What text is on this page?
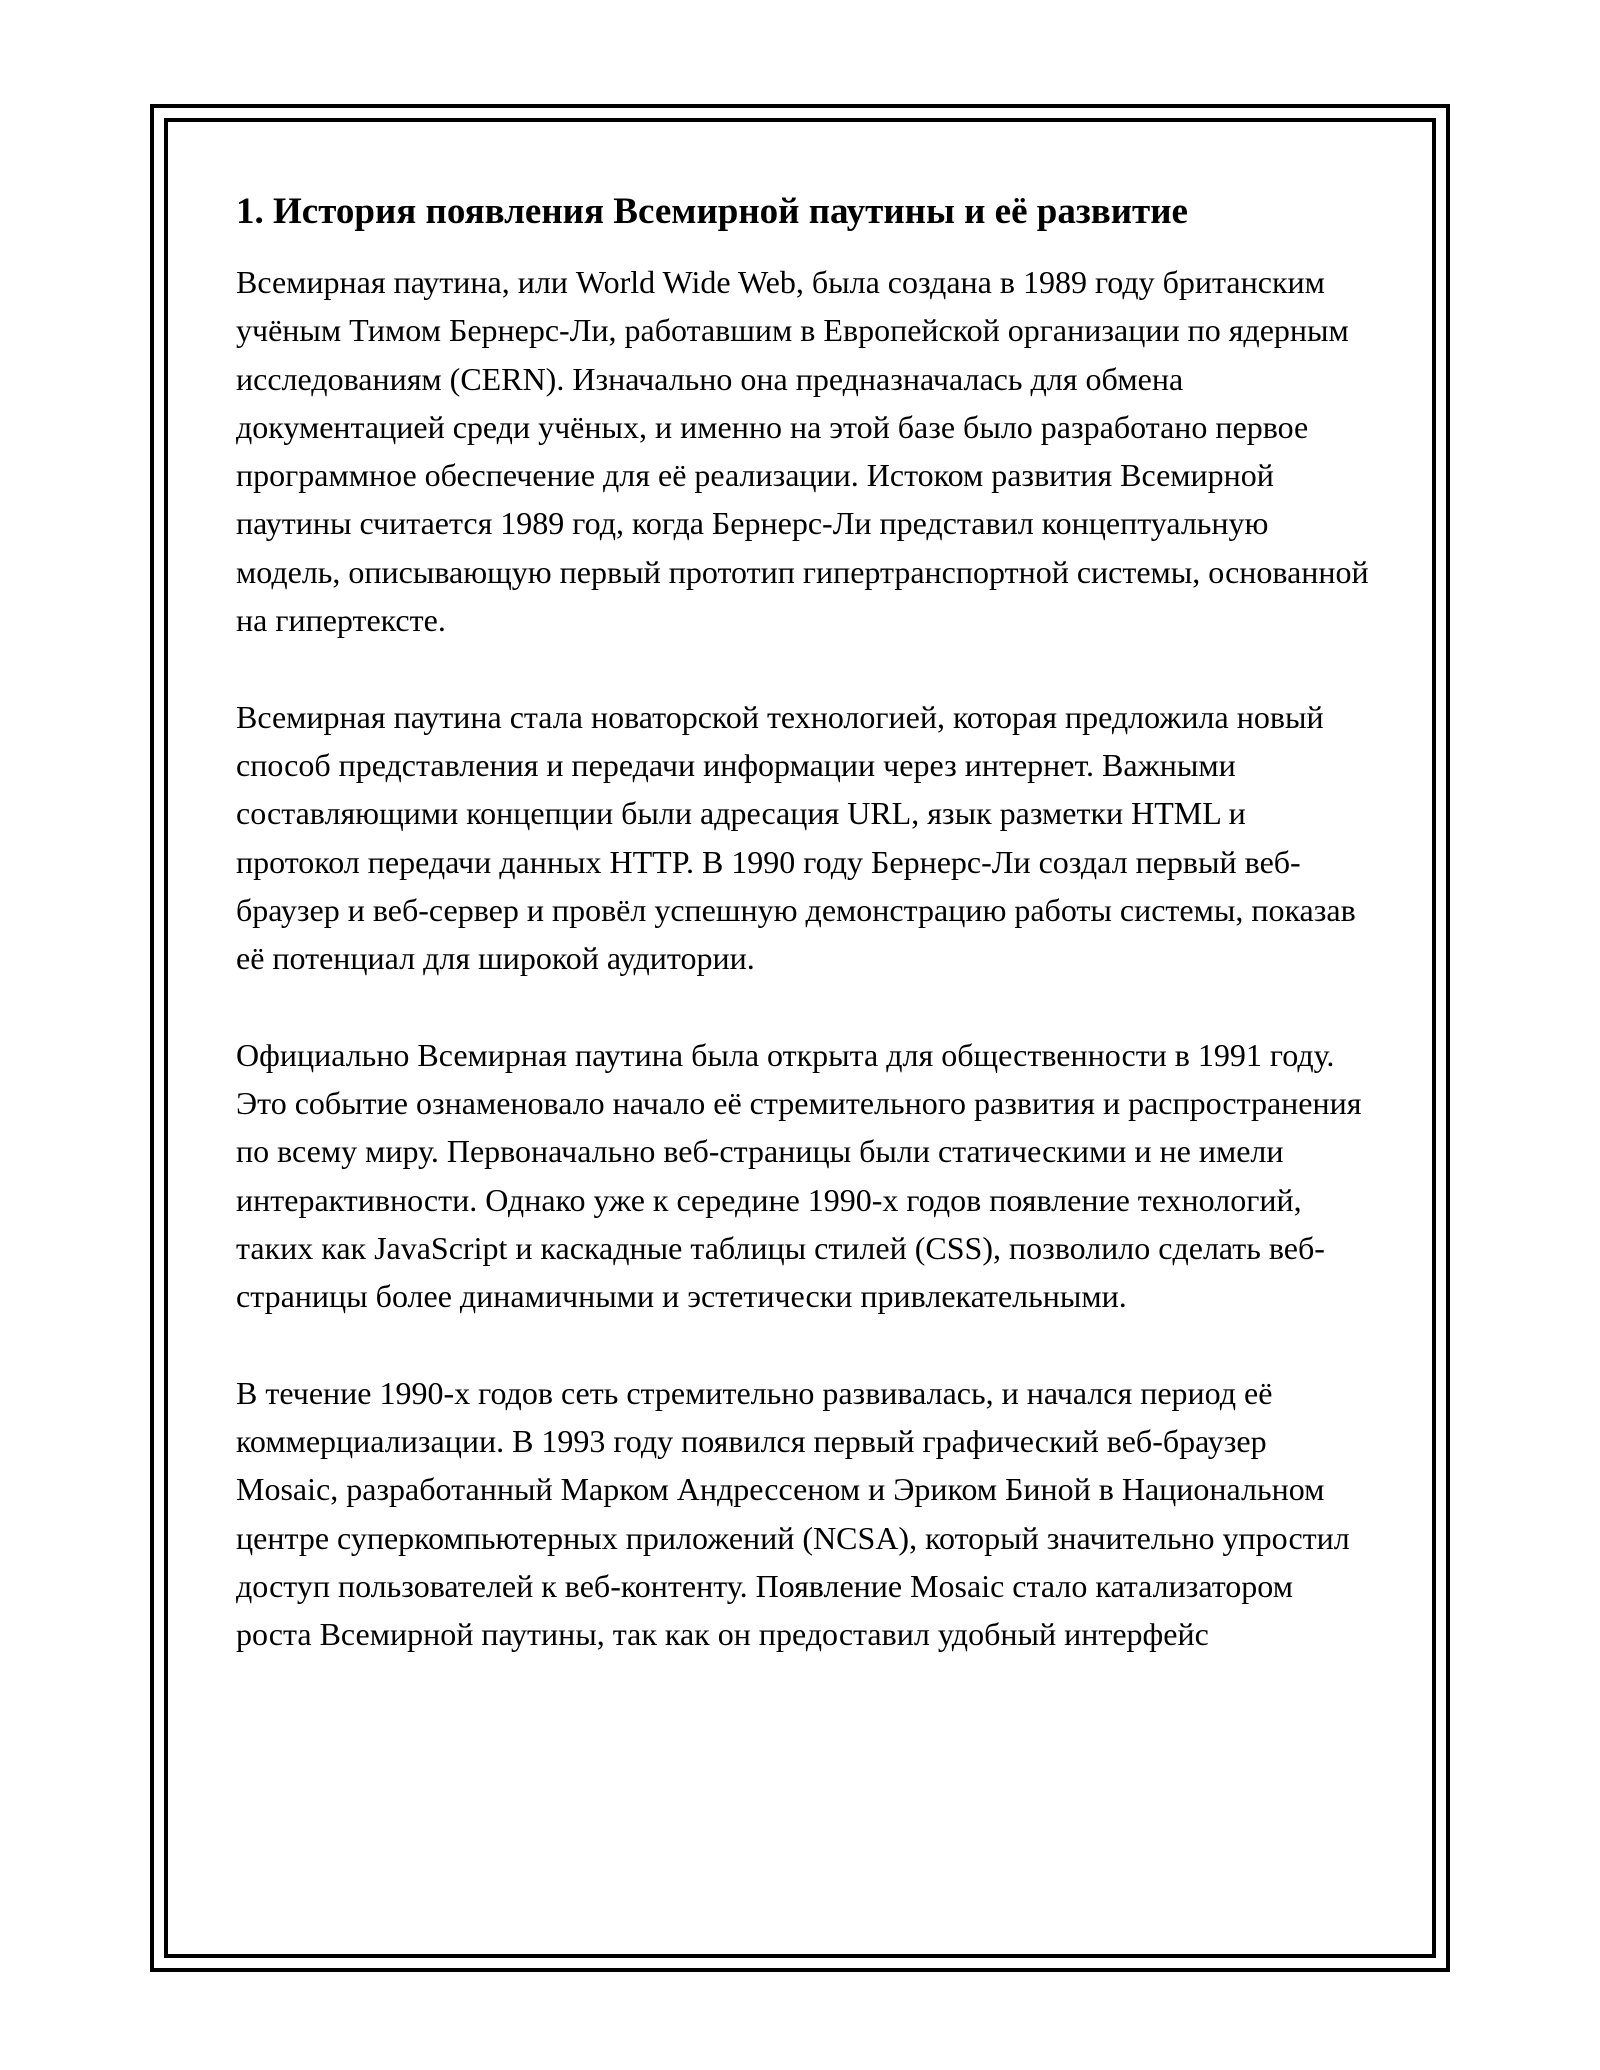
1. История появления Всемирной паутины и её развитие

Всемирная паутина, или World Wide Web, была создана в 1989 году британским учёным Тимом Бернерс-Ли, работавшим в Европейской организации по ядерным исследованиям (CERN). Изначально она предназначалась для обмена документацией среди учёных, и именно на этой базе было разработано первое программное обеспечение для её реализации. Истоком развития Всемирной паутины считается 1989 год, когда Бернерс-Ли представил концептуальную модель, описывающую первый прототип гипертранспортной системы, основанной на гипертексте.

Всемирная паутина стала новаторской технологией, которая предложила новый способ представления и передачи информации через интернет. Важными составляющими концепции были адресация URL, язык разметки HTML и протокол передачи данных HTTP. В 1990 году Бернерс-Ли создал первый веб-браузер и веб-сервер и провёл успешную демонстрацию работы системы, показав её потенциал для широкой аудитории.

Официально Всемирная паутина была открыта для общественности в 1991 году. Это событие ознаменовало начало её стремительного развития и распространения по всему миру. Первоначально веб-страницы были статическими и не имели интерактивности. Однако уже к середине 1990-х годов появление технологий, таких как JavaScript и каскадные таблицы стилей (CSS), позволило сделать веб-страницы более динамичными и эстетически привлекательными.

В течение 1990-х годов сеть стремительно развивалась, и начался период её коммерциализации. В 1993 году появился первый графический веб-браузер Mosaic, разработанный Марком Андрессеном и Эриком Биной в Национальном центре суперкомпьютерных приложений (NCSA), который значительно упростил доступ пользователей к веб-контенту. Появление Mosaic стало катализатором роста Всемирной паутины, так как он предоставил удобный интерфейс
